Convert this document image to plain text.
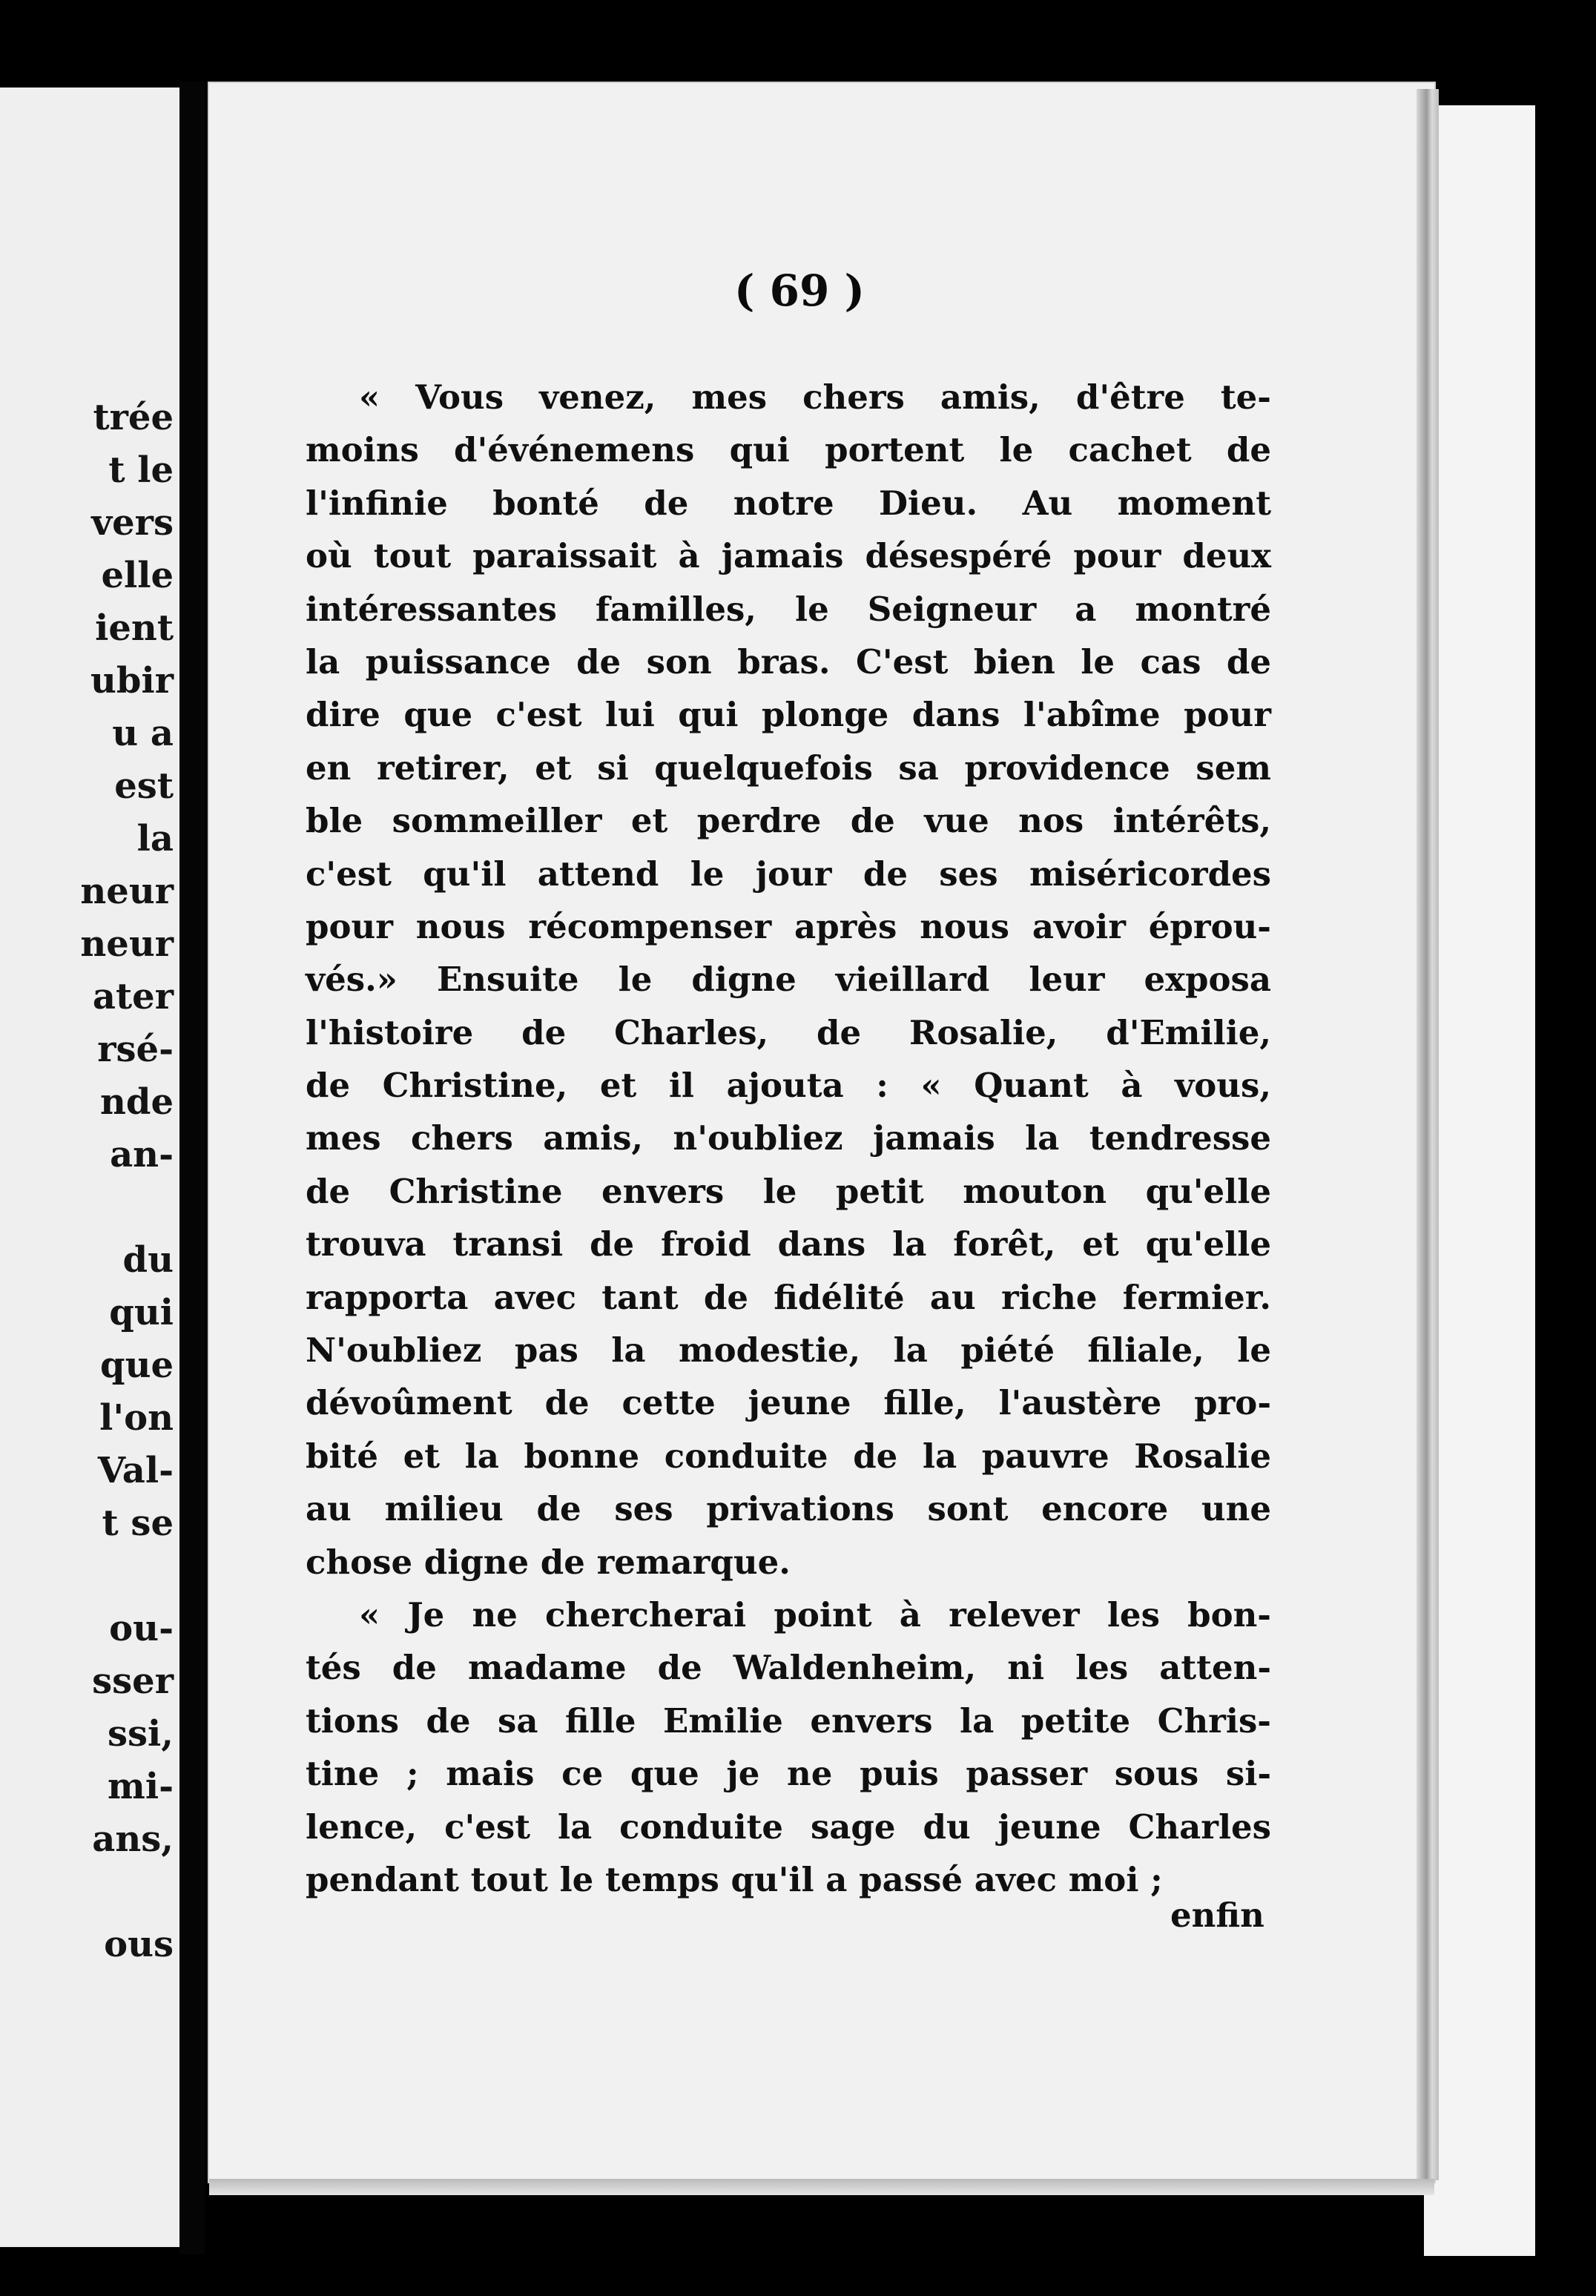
trée
t le
vers
elle
ient
ubir
u a
est
la
neur
neur
ater
rsé-
nde
an-
du
qui
que
l'on
Val-
t se
ou-
sser
ssi,
mi-
ans,
ous
( 69 )
« Vous venez, mes chers amis, d'être te-
moins d'événemens qui portent le cachet de
l'infinie bonté de notre Dieu. Au moment
où tout paraissait à jamais désespéré pour deux
intéressantes familles, le Seigneur a montré
la puissance de son bras. C'est bien le cas de
dire que c'est lui qui plonge dans l'abîme pour
en retirer, et si quelquefois sa providence sem
ble sommeiller et perdre de vue nos intérêts,
c'est qu'il attend le jour de ses miséricordes
pour nous récompenser après nous avoir éprou-
vés.» Ensuite le digne vieillard leur exposa
l'histoire de Charles, de Rosalie, d'Emilie,
de Christine, et il ajouta : « Quant à vous,
mes chers amis, n'oubliez jamais la tendresse
de Christine envers le petit mouton qu'elle
trouva transi de froid dans la forêt, et qu'elle
rapporta avec tant de fidélité au riche fermier.
N'oubliez pas la modestie, la piété filiale, le
dévoûment de cette jeune fille, l'austère pro-
bité et la bonne conduite de la pauvre Rosalie
au milieu de ses privations sont encore une
chose digne de remarque.
« Je ne chercherai point à relever les bon-
tés de madame de Waldenheim, ni les atten-
tions de sa fille Emilie envers la petite Chris-
tine ; mais ce que je ne puis passer sous si-
lence, c'est la conduite sage du jeune Charles
pendant tout le temps qu'il a passé avec moi ;
enfin
